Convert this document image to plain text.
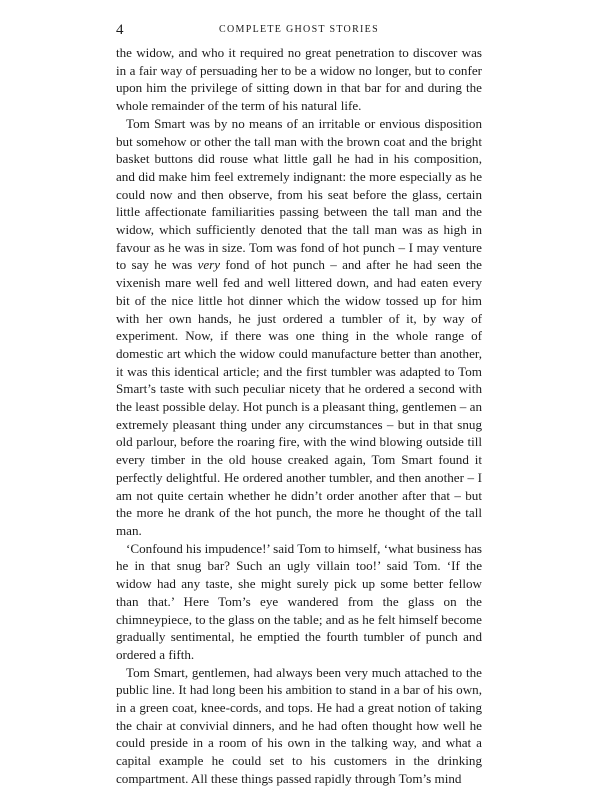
4	COMPLETE GHOST STORIES

the widow, and who it required no great penetration to discover was in a fair way of persuading her to be a widow no longer, but to confer upon him the privilege of sitting down in that bar for and during the whole remainder of the term of his natural life.

Tom Smart was by no means of an irritable or envious disposition but somehow or other the tall man with the brown coat and the bright basket buttons did rouse what little gall he had in his composition, and did make him feel extremely indignant: the more especially as he could now and then observe, from his seat before the glass, certain little affectionate familiarities passing between the tall man and the widow, which sufficiently denoted that the tall man was as high in favour as he was in size. Tom was fond of hot punch – I may venture to say he was very fond of hot punch – and after he had seen the vixenish mare well fed and well littered down, and had eaten every bit of the nice little hot dinner which the widow tossed up for him with her own hands, he just ordered a tumbler of it, by way of experiment. Now, if there was one thing in the whole range of domestic art which the widow could manufacture better than another, it was this identical article; and the first tumbler was adapted to Tom Smart’s taste with such peculiar nicety that he ordered a second with the least possible delay. Hot punch is a pleasant thing, gentlemen – an extremely pleasant thing under any circumstances – but in that snug old parlour, before the roaring fire, with the wind blowing outside till every timber in the old house creaked again, Tom Smart found it perfectly delightful. He ordered another tumbler, and then another – I am not quite certain whether he didn’t order another after that – but the more he drank of the hot punch, the more he thought of the tall man.

‘Confound his impudence!’ said Tom to himself, ‘what business has he in that snug bar? Such an ugly villain too!’ said Tom. ‘If the widow had any taste, she might surely pick up some better fellow than that.’ Here Tom’s eye wandered from the glass on the chimneypiece, to the glass on the table; and as he felt himself become gradually sentimental, he emptied the fourth tumbler of punch and ordered a fifth.

Tom Smart, gentlemen, had always been very much attached to the public line. It had long been his ambition to stand in a bar of his own, in a green coat, knee-cords, and tops. He had a great notion of taking the chair at convivial dinners, and he had often thought how well he could preside in a room of his own in the talking way, and what a capital example he could set to his customers in the drinking compartment. All these things passed rapidly through Tom’s mind
